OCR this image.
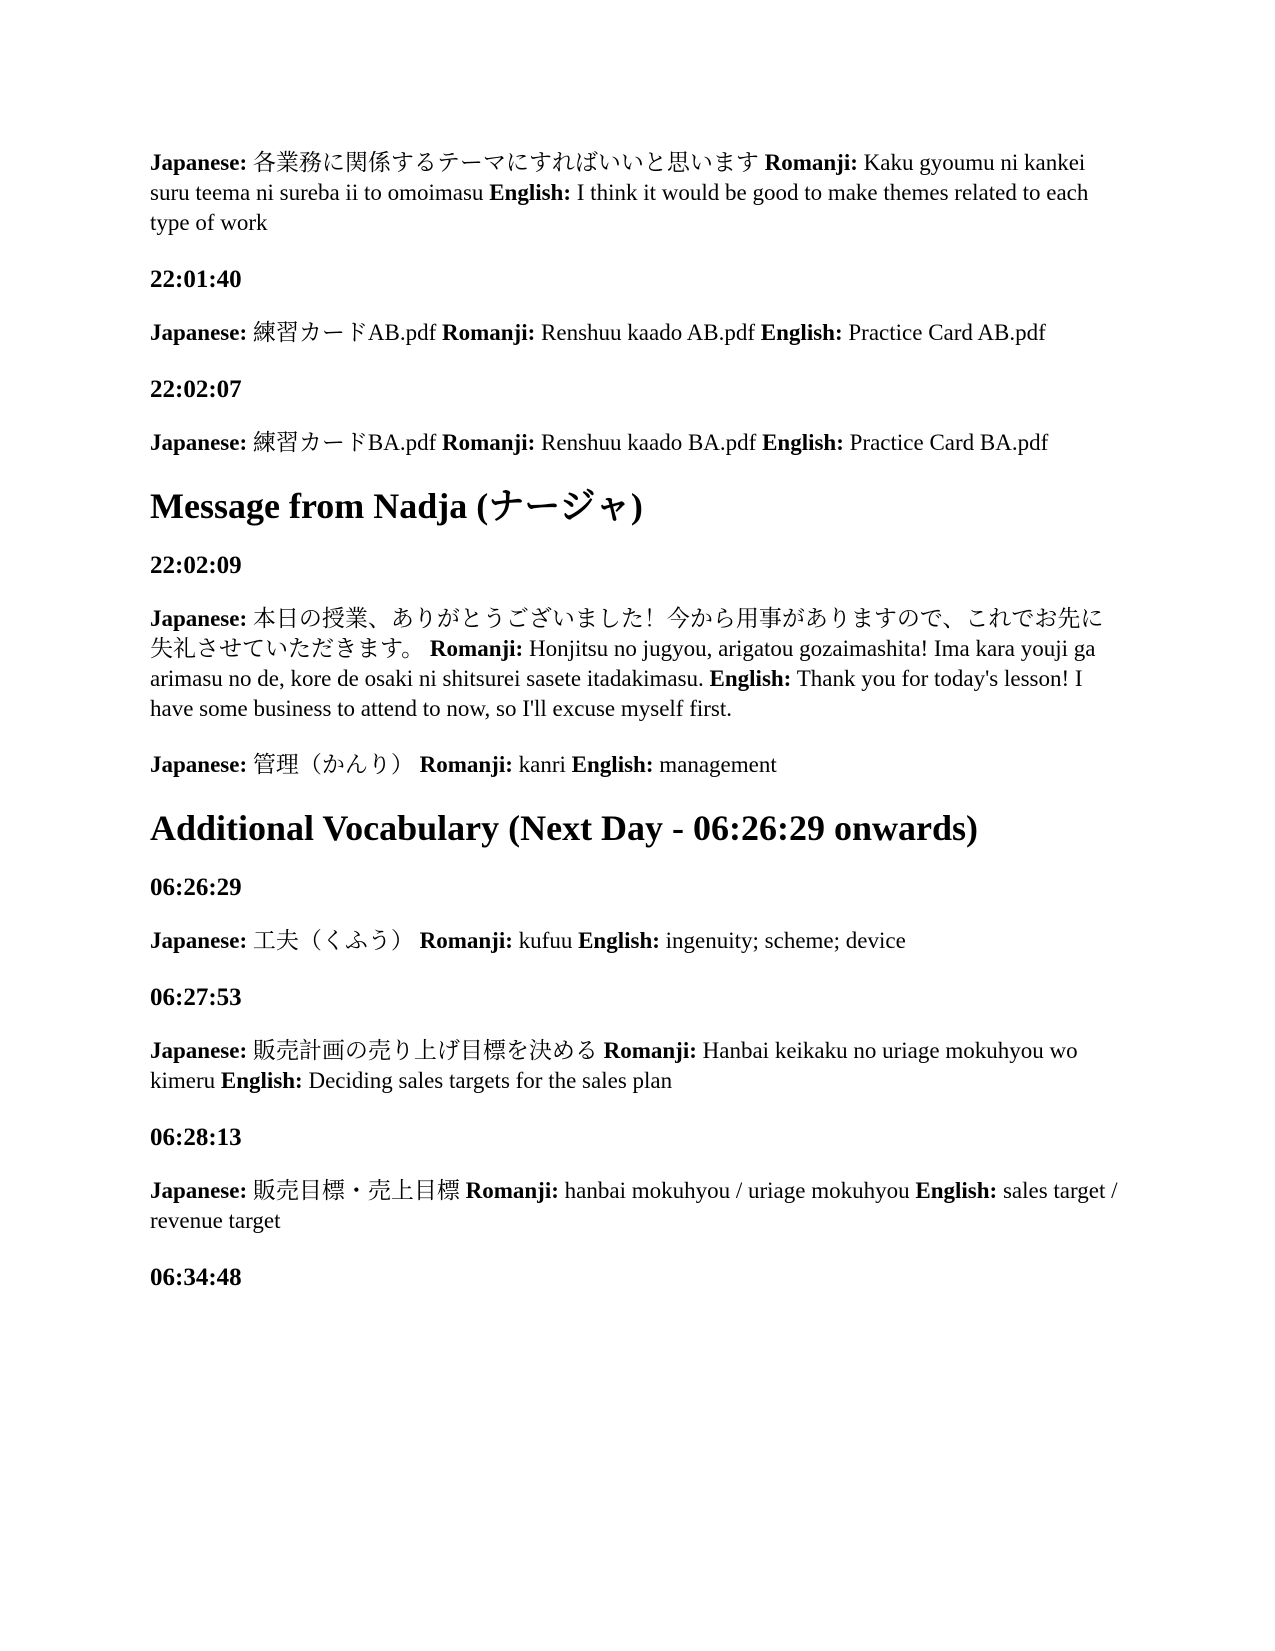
Japanese: 各業務に関係するテーマにすればいいと思います Romanji: Kaku gyoumu ni kankei suru teema ni sureba ii to omoimasu English: I think it would be good to make themes related to each type of work

22:01:40

Japanese: 練習カードAB.pdf Romanji: Renshuu kaado AB.pdf English: Practice Card AB.pdf

22:02:07

Japanese: 練習カードBA.pdf Romanji: Renshuu kaado BA.pdf English: Practice Card BA.pdf

Message from Nadja (ナージャ)
22:02:09

Japanese: 本日の授業、ありがとうございました！今から用事がありますので、これでお先に失礼させていただきます。 Romanji: Honjitsu no jugyou, arigatou gozaimashita! Ima kara youji ga arimasu no de, kore de osaki ni shitsurei sasete itadakimasu. English: Thank you for today's lesson! I have some business to attend to now, so I'll excuse myself first.

Japanese: 管理（かんり） Romanji: kanri English: management

Additional Vocabulary (Next Day - 06:26:29 onwards)
06:26:29

Japanese: 工夫（くふう） Romanji: kufuu English: ingenuity; scheme; device

06:27:53

Japanese: 販売計画の売り上げ目標を決める Romanji: Hanbai keikaku no uriage mokuhyou wo kimeru English: Deciding sales targets for the sales plan

06:28:13

Japanese: 販売目標・売上目標 Romanji: hanbai mokuhyou / uriage mokuhyou English: sales target / revenue target

06:34:48
